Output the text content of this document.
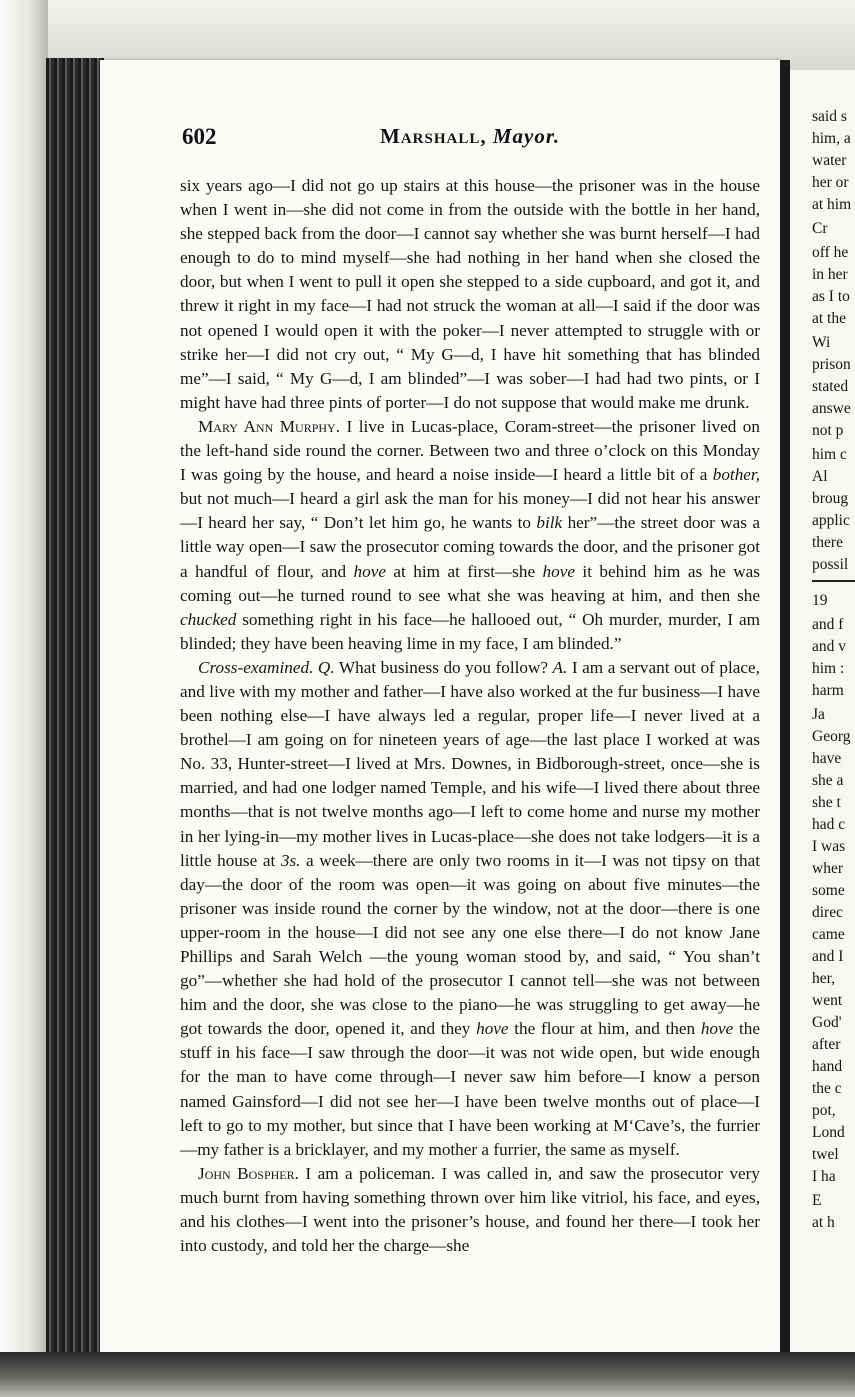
said s
him, a
water
her or
at him
Cr
off he
in her
as I to
at the
Wi
prison
stated
answe
not p
him c
Al
broug
applic
there
possil
19
and f
and v
him :
harm
Ja
Georg
have
she a
she t
had c
I was
wher
some
direc
came
and I
her,
went
God'
after
hand
the c
pot,
Lond
twel
I ha
E
at h
602	Marshall, Mayor.

six years ago—I did not go up stairs at this house—the prisoner was in the house when I went in—she did not come in from the outside with the bottle in her hand, she stepped back from the door—I cannot say whether she was burnt herself—I had enough to do to mind myself—she had nothing in her hand when she closed the door, but when I went to pull it open she stepped to a side cupboard, and got it, and threw it right in my face—I had not struck the woman at all—I said if the door was not opened I would open it with the poker—I never attempted to struggle with or strike her—I did not cry out, “ My G—d, I have hit something that has blinded me”—I said, “ My G—d, I am blinded”—I was sober—I had had two pints, or I might have had three pints of porter—I do not suppose that would make me drunk.

Mary Ann Murphy. I live in Lucas-place, Coram-street—the prisoner lived on the left-hand side round the corner. Between two and three o’clock on this Monday I was going by the house, and heard a noise inside—I heard a little bit of a bother, but not much—I heard a girl ask the man for his money—I did not hear his answer—I heard her say, “ Don’t let him go, he wants to bilk her”—the street door was a little way open—I saw the prosecutor coming towards the door, and the prisoner got a handful of flour, and hove at him at first—she hove it behind him as he was coming out—he turned round to see what she was heaving at him, and then she chucked something right in his face—he hallooed out, “ Oh murder, murder, I am blinded; they have been heaving lime in my face, I am blinded.”

Cross-examined. Q. What business do you follow? A. I am a servant out of place, and live with my mother and father—I have also worked at the fur business—I have been nothing else—I have always led a regular, proper life—I never lived at a brothel—I am going on for nineteen years of age—the last place I worked at was No. 33, Hunter-street—I lived at Mrs. Downes, in Bidborough-street, once—she is married, and had one lodger named Temple, and his wife—I lived there about three months—that is not twelve months ago—I left to come home and nurse my mother in her lying-in—my mother lives in Lucas-place—she does not take lodgers—it is a little house at 3s. a week—there are only two rooms in it—I was not tipsy on that day—the door of the room was open—it was going on about five minutes—the prisoner was inside round the corner by the window, not at the door—there is one upper-room in the house—I did not see any one else there—I do not know Jane Phillips and Sarah Welch —the young woman stood by, and said, “ You shan’t go”—whether she had hold of the prosecutor I cannot tell—she was not between him and the door, she was close to the piano—he was struggling to get away—he got towards the door, opened it, and they hove the flour at him, and then hove the stuff in his face—I saw through the door—it was not wide open, but wide enough for the man to have come through—I never saw him before—I know a person named Gainsford—I did not see her—I have been twelve months out of place—I left to go to my mother, but since that I have been working at M‘Cave’s, the furrier—my father is a bricklayer, and my mother a furrier, the same as myself.

John Bospher. I am a policeman. I was called in, and saw the prosecutor very much burnt from having something thrown over him like vitriol, his face, and eyes, and his clothes—I went into the prisoner’s house, and found her there—I took her into custody, and told her the charge—she
